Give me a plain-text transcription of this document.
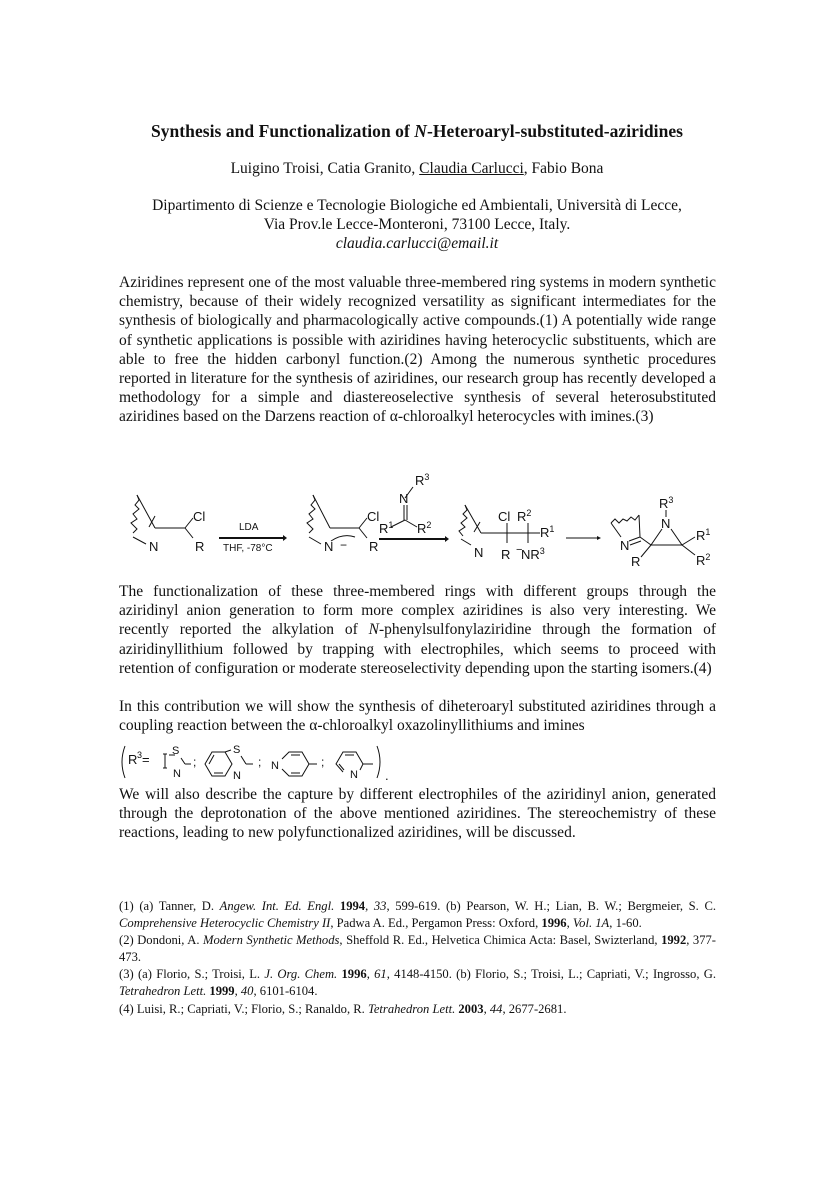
Synthesis and Functionalization of N-Heteroaryl-substituted-aziridines
Luigino Troisi, Catia Granito, Claudia Carlucci, Fabio Bona
Dipartimento di Scienze e Tecnologie Biologiche ed Ambientali, Università di Lecce,
Via Prov.le Lecce-Monteroni, 73100 Lecce, Italy.
claudia.carlucci@email.it
Aziridines represent one of the most valuable three-membered ring systems in modern synthetic chemistry, because of their widely recognized versatility as significant intermediates for the synthesis of biologically and pharmacologically active compounds.(1) A potentially wide range of synthetic applications is possible with aziridines having heterocyclic substituents, which are able to free the hidden carbonyl function.(2) Among the numerous synthetic procedures reported in literature for the synthesis of aziridines, our research group has recently developed a methodology for a simple and diastereoselective synthesis of several heterosubstituted aziridines based on the Darzens reaction of α-chloroalkyl heterocycles with imines.(3)
N
Cl
R
LDA
THF, -78°C	N −
Cl
R
N
$R^3$
$R^1$ $R^2$
N
Cl $R^2$
$R^1$
R −
$NR^3$	N
N
$R^3$
R
$R^1$
$R^2$
The functionalization of these three-membered rings with different groups through the aziridinyl anion generation to form more complex aziridines is also very interesting. We recently reported the alkylation of N-phenylsulfonylaziridine through the formation of aziridinyllithium followed by trapping with electrophiles, which seems to proceed with retention of configuration or moderate stereoselectivity depending upon the starting isomers.(4)
In this contribution we will show the synthesis of diheteroaryl substituted aziridines through a coupling reaction between the α-chloroalkyl oxazolinyllithiums and imines
R 3 =
S
N
;
S
N
; N	;
N .
We will also describe the capture by different electrophiles of the aziridinyl anion, generated through the deprotonation of the above mentioned aziridines. The stereochemistry of these reactions, leading to new polyfunctionalized aziridines, will be discussed.

(1) (a) Tanner, D. Angew. Int. Ed. Engl. 1994, 33, 599-619. (b) Pearson, W. H.; Lian, B. W.; Bergmeier, S. C. Comprehensive Heterocyclic Chemistry II, Padwa A. Ed., Pergamon Press: Oxford, 1996, Vol. 1A, 1-60.

(2) Dondoni, A. Modern Synthetic Methods, Sheffold R. Ed., Helvetica Chimica Acta: Basel, Swizterland, 1992, 377-473.

(3) (a) Florio, S.; Troisi, L. J. Org. Chem. 1996, 61, 4148-4150. (b) Florio, S.; Troisi, L.; Capriati, V.; Ingrosso, G. Tetrahedron Lett. 1999, 40, 6101-6104.

(4) Luisi, R.; Capriati, V.; Florio, S.; Ranaldo, R. Tetrahedron Lett. 2003, 44, 2677-2681.
